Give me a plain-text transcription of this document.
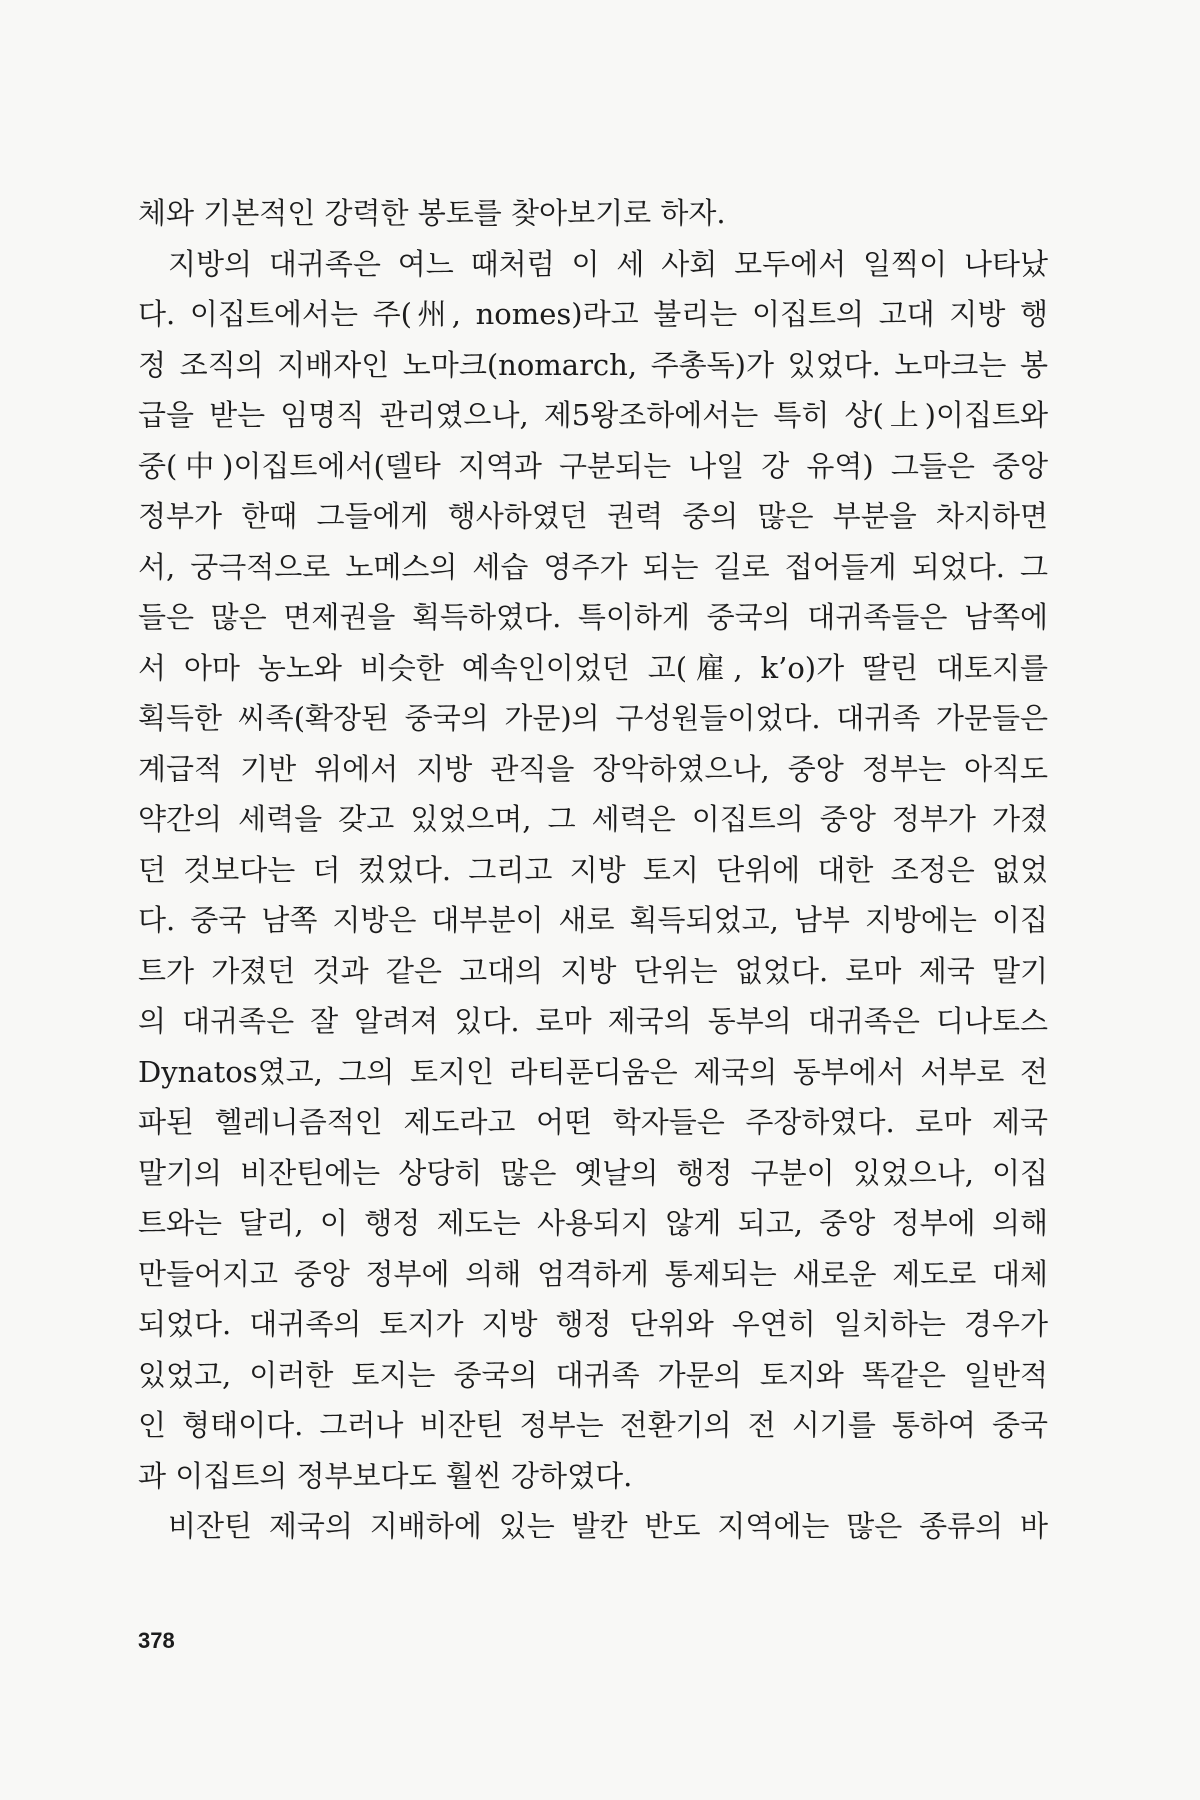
체와 기본적인 강력한 봉토를 찾아보기로 하자.
지방의 대귀족은 여느 때처럼 이 세 사회 모두에서 일찍이 나타났
다. 이집트에서는 주(州, nomes)라고 불리는 이집트의 고대 지방 행
정 조직의 지배자인 노마크(nomarch, 주총독)가 있었다. 노마크는 봉
급을 받는 임명직 관리였으나, 제5왕조하에서는 특히 상(上)이집트와
중(中)이집트에서(델타 지역과 구분되는 나일 강 유역) 그들은 중앙
정부가 한때 그들에게 행사하였던 권력 중의 많은 부분을 차지하면
서, 궁극적으로 노메스의 세습 영주가 되는 길로 접어들게 되었다. 그
들은 많은 면제권을 획득하였다. 특이하게 중국의 대귀족들은 남쪽에
서 아마 농노와 비슷한 예속인이었던 고(雇, k’o)가 딸린 대토지를
획득한 씨족(확장된 중국의 가문)의 구성원들이었다. 대귀족 가문들은
계급적 기반 위에서 지방 관직을 장악하였으나, 중앙 정부는 아직도
약간의 세력을 갖고 있었으며, 그 세력은 이집트의 중앙 정부가 가졌
던 것보다는 더 컸었다. 그리고 지방 토지 단위에 대한 조정은 없었
다. 중국 남쪽 지방은 대부분이 새로 획득되었고, 남부 지방에는 이집
트가 가졌던 것과 같은 고대의 지방 단위는 없었다. 로마 제국 말기
의 대귀족은 잘 알려져 있다. 로마 제국의 동부의 대귀족은 디나토스
Dynatos였고, 그의 토지인 라티푼디움은 제국의 동부에서 서부로 전
파된 헬레니즘적인 제도라고 어떤 학자들은 주장하였다. 로마 제국
말기의 비잔틴에는 상당히 많은 옛날의 행정 구분이 있었으나, 이집
트와는 달리, 이 행정 제도는 사용되지 않게 되고, 중앙 정부에 의해
만들어지고 중앙 정부에 의해 엄격하게 통제되는 새로운 제도로 대체
되었다. 대귀족의 토지가 지방 행정 단위와 우연히 일치하는 경우가
있었고, 이러한 토지는 중국의 대귀족 가문의 토지와 똑같은 일반적
인 형태이다. 그러나 비잔틴 정부는 전환기의 전 시기를 통하여 중국
과 이집트의 정부보다도 훨씬 강하였다.
비잔틴 제국의 지배하에 있는 발칸 반도 지역에는 많은 종류의 바
378
